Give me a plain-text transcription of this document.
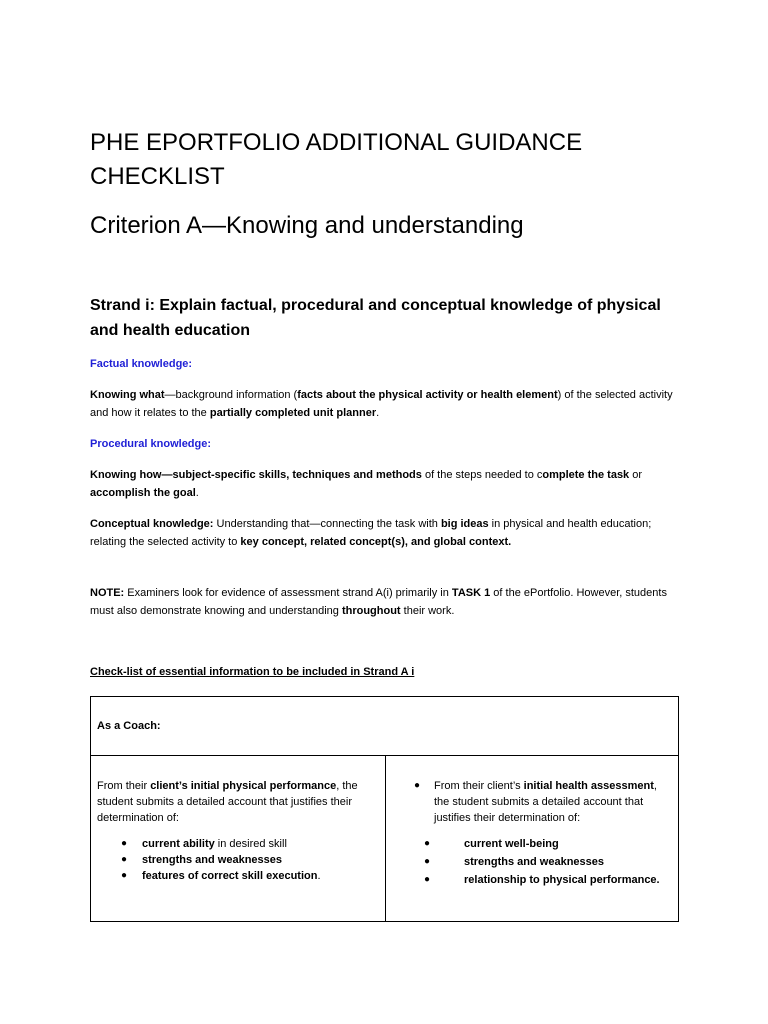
PHE EPORTFOLIO ADDITIONAL GUIDANCE CHECKLIST
Criterion A—Knowing and understanding
Strand i: Explain factual, procedural and conceptual knowledge of physical and health education
Factual knowledge:
Knowing what—background information (facts about the physical activity or health element) of the selected activity and how it relates to the partially completed unit planner.
Procedural knowledge:
Knowing how—subject-specific skills, techniques and methods of the steps needed to complete the task or accomplish the goal.
Conceptual knowledge: Understanding that—connecting the task with big ideas in physical and health education; relating the selected activity to key concept, related concept(s), and global context.
NOTE: Examiners look for evidence of assessment strand A(i) primarily in TASK 1 of the ePortfolio. However, students must also demonstrate knowing and understanding throughout their work.
Check-list of essential information to be included in Strand A i
As a Coach:

From their client’s initial physical performance, the student submits a detailed account that justifies their determination of:
● current ability in desired skill
● strengths and weaknesses
● features of correct skill execution.

● From their client’s initial health assessment, the student submits a detailed account that justifies their determination of:
●	current well-being
●	strengths and weaknesses
●	relationship to physical performance.
